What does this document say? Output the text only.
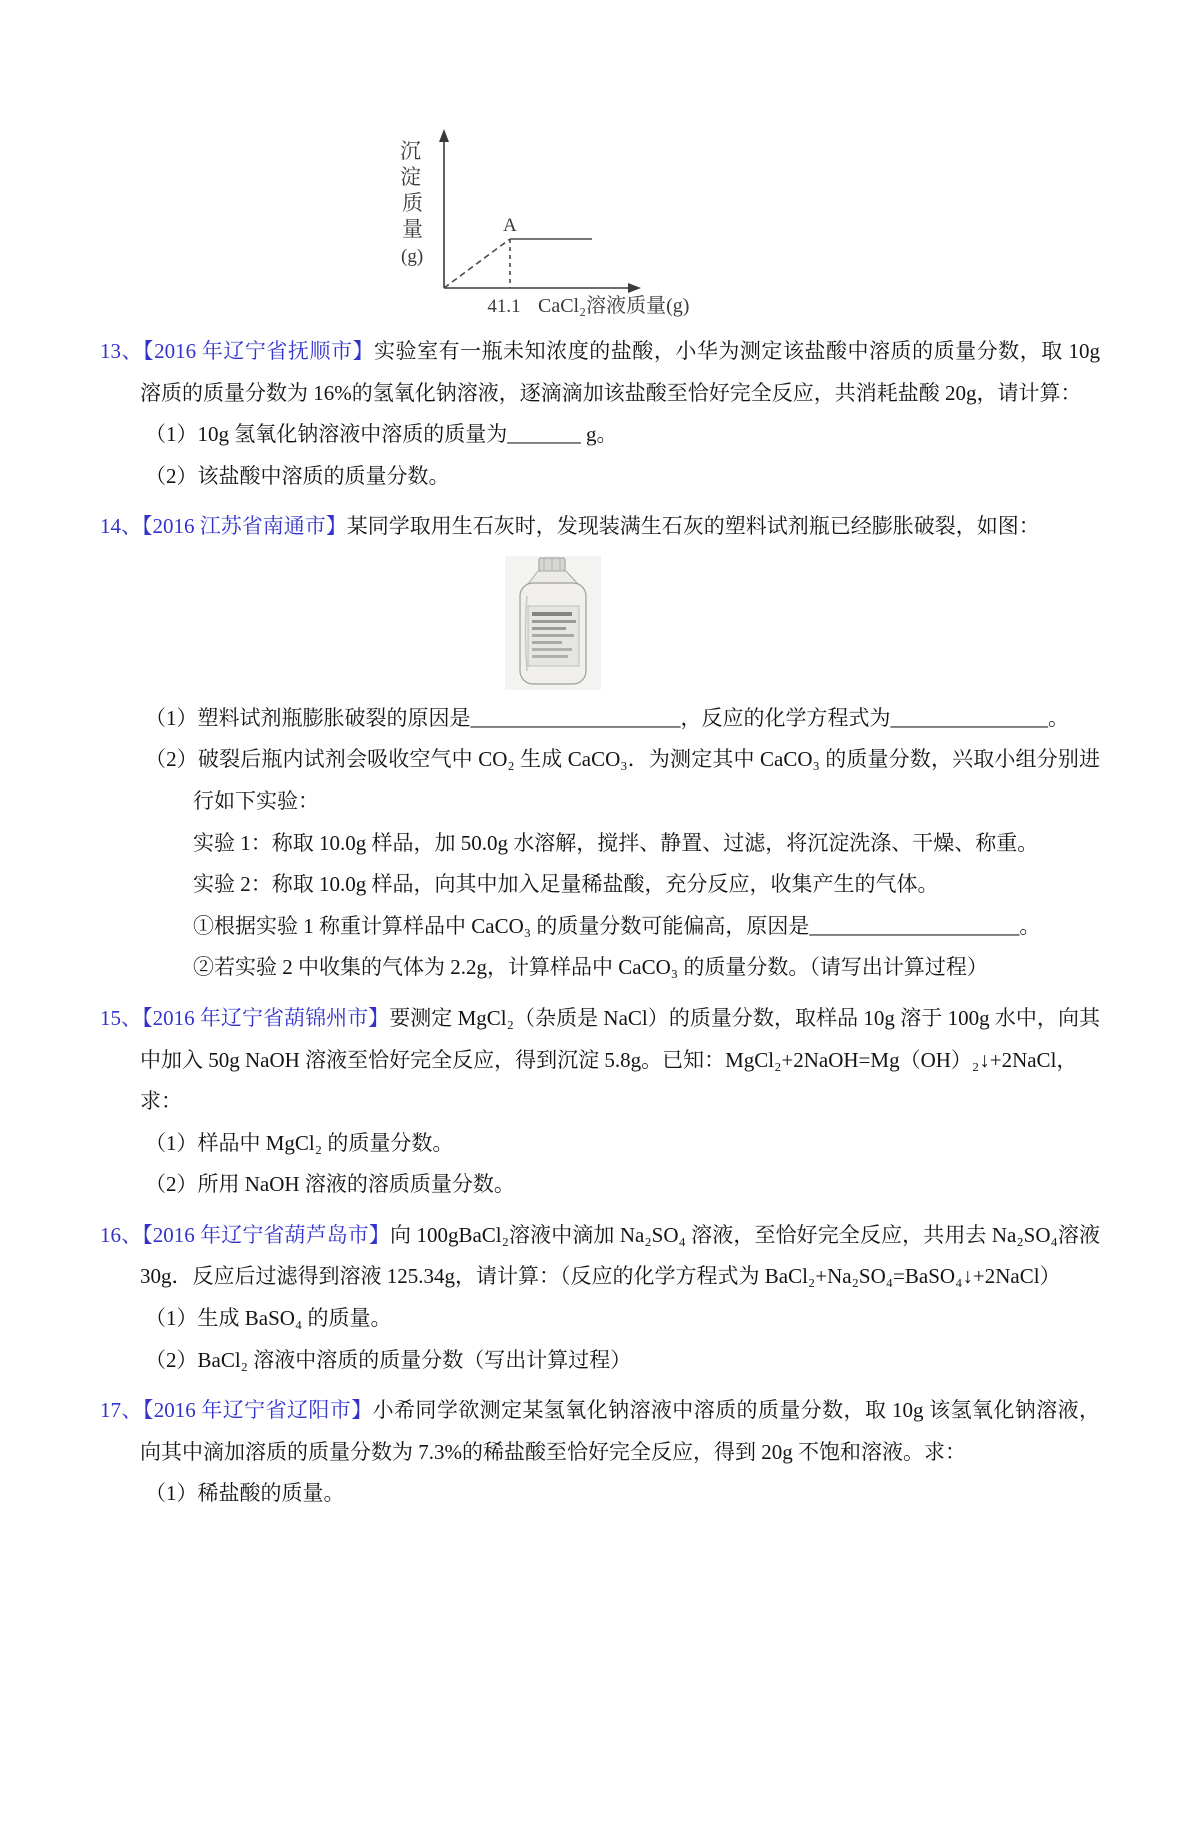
沉
淀
质
量
(g)
A
41.1 CaCl₂溶液质量(g)

13、【2016 年辽宁省抚顺市】实验室有一瓶未知浓度的盐酸，小华为测定该盐酸中溶质的质量分数，取 10g 溶质的质量分数为 16%的氢氧化钠溶液，逐滴滴加该盐酸至恰好完全反应，共消耗盐酸 20g，请计算：

（1）10g 氢氧化钠溶液中溶质的质量为_______ g。

（2）该盐酸中溶质的质量分数。

14、【2016 江苏省南通市】某同学取用生石灰时，发现装满生石灰的塑料试剂瓶已经膨胀破裂，如图：

（1）塑料试剂瓶膨胀破裂的原因是____________________，反应的化学方程式为_______________。

（2）破裂后瓶内试剂会吸收空气中 CO₂ 生成 CaCO₃．为测定其中 CaCO₃ 的质量分数，兴取小组分别进行如下实验：

实验 1：称取 10.0g 样品，加 50.0g 水溶解，搅拌、静置、过滤，将沉淀洗涤、干燥、称重。

实验 2：称取 10.0g 样品，向其中加入足量稀盐酸，充分反应，收集产生的气体。

①根据实验 1 称重计算样品中 CaCO₃ 的质量分数可能偏高，原因是____________________。

②若实验 2 中收集的气体为 2.2g，计算样品中 CaCO₃ 的质量分数。（请写出计算过程）

15、【2016 年辽宁省葫锦州市】要测定 MgCl₂（杂质是 NaCl）的质量分数，取样品 10g 溶于 100g 水中，向其中加入 50g NaOH 溶液至恰好完全反应，得到沉淀 5.8g。已知：MgCl₂+2NaOH=Mg（OH）₂↓+2NaCl，

求：

（1）样品中 MgCl₂ 的质量分数。

（2）所用 NaOH 溶液的溶质质量分数。

16、【2016 年辽宁省葫芦岛市】向 100gBaCl₂溶液中滴加 Na₂SO₄ 溶液，至恰好完全反应，共用去 Na₂SO₄溶液 30g．反应后过滤得到溶液 125.34g，请计算：（反应的化学方程式为 BaCl₂+Na₂SO₄=BaSO₄↓+2NaCl）

（1）生成 BaSO₄ 的质量。

（2）BaCl₂ 溶液中溶质的质量分数（写出计算过程）

17、【2016 年辽宁省辽阳市】小希同学欲测定某氢氧化钠溶液中溶质的质量分数，取 10g 该氢氧化钠溶液，向其中滴加溶质的质量分数为 7.3%的稀盐酸至恰好完全反应，得到 20g 不饱和溶液。求：

（1）稀盐酸的质量。
